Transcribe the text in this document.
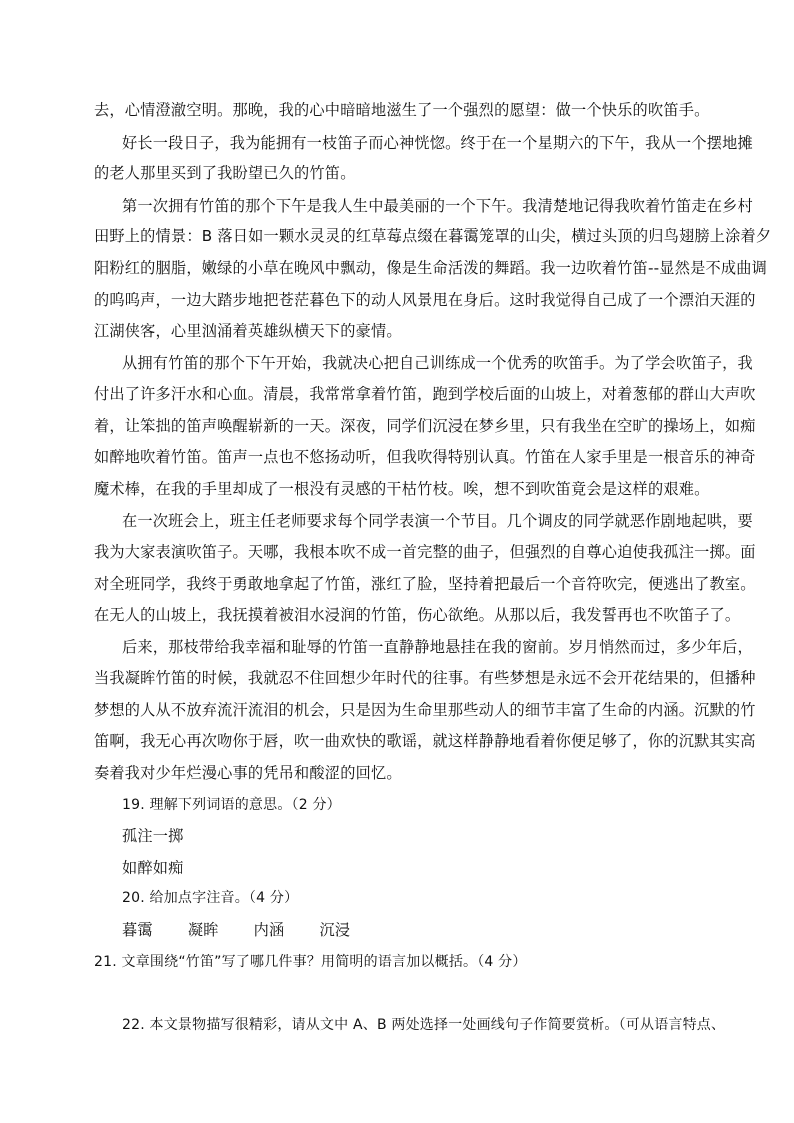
去，心情澄澈空明。那晚，我的心中暗暗地滋生了一个强烈的愿望：做一个快乐的吹笛手。
好长一段日子，我为能拥有一枝笛子而心神恍惚。终于在一个星期六的下午，我从一个摆地摊
的老人那里买到了我盼望已久的竹笛。
第一次拥有竹笛的那个下午是我人生中最美丽的一个下午。我清楚地记得我吹着竹笛走在乡村
田野上的情景：B 落日如一颗水灵灵的红草莓点缀在暮霭笼罩的山尖，横过头顶的归鸟翅膀上涂着夕
阳粉红的胭脂，嫩绿的小草在晚风中飘动，像是生命活泼的舞蹈。我一边吹着竹笛--显然是不成曲调
的呜呜声，一边大踏步地把苍茫暮色下的动人风景甩在身后。这时我觉得自己成了一个漂泊天涯的
江湖侠客，心里汹涌着英雄纵横天下的豪情。
从拥有竹笛的那个下午开始，我就决心把自己训练成一个优秀的吹笛手。为了学会吹笛子，我
付出了许多汗水和心血。清晨，我常常拿着竹笛，跑到学校后面的山坡上，对着葱郁的群山大声吹
着，让笨拙的笛声唤醒崭新的一天。深夜，同学们沉浸在梦乡里，只有我坐在空旷的操场上，如痴
如醉地吹着竹笛。笛声一点也不悠扬动听，但我吹得特别认真。竹笛在人家手里是一根音乐的神奇
魔术棒，在我的手里却成了一根没有灵感的干枯竹枝。唉，想不到吹笛竟会是这样的艰难。
在一次班会上，班主任老师要求每个同学表演一个节目。几个调皮的同学就恶作剧地起哄，要
我为大家表演吹笛子。天哪，我根本吹不成一首完整的曲子，但强烈的自尊心迫使我孤注一掷。面
对全班同学，我终于勇敢地拿起了竹笛，涨红了脸，坚持着把最后一个音符吹完，便逃出了教室。
在无人的山坡上，我抚摸着被泪水浸润的竹笛，伤心欲绝。从那以后，我发誓再也不吹笛子了。
后来，那枝带给我幸福和耻辱的竹笛一直静静地悬挂在我的窗前。岁月悄然而过，多少年后，
当我凝眸竹笛的时候，我就忍不住回想少年时代的往事。有些梦想是永远不会开花结果的，但播种
梦想的人从不放弃流汗流泪的机会，只是因为生命里那些动人的细节丰富了生命的内涵。沉默的竹
笛啊，我无心再次吻你于唇，吹一曲欢快的歌谣，就这样静静地看着你便足够了，你的沉默其实高
奏着我对少年烂漫心事的凭吊和酸涩的回忆。
19. 理解下列词语的意思。（2 分）
孤注一掷
如醉如痴
20. 给加点字注音。（4 分）
暮霭 凝眸 内涵 沉浸
21. 文章围绕“竹笛”写了哪几件事？用简明的语言加以概括。（4 分）
22. 本文景物描写很精彩，请从文中 A、B 两处选择一处画线句子作简要赏析。（可从语言特点、
